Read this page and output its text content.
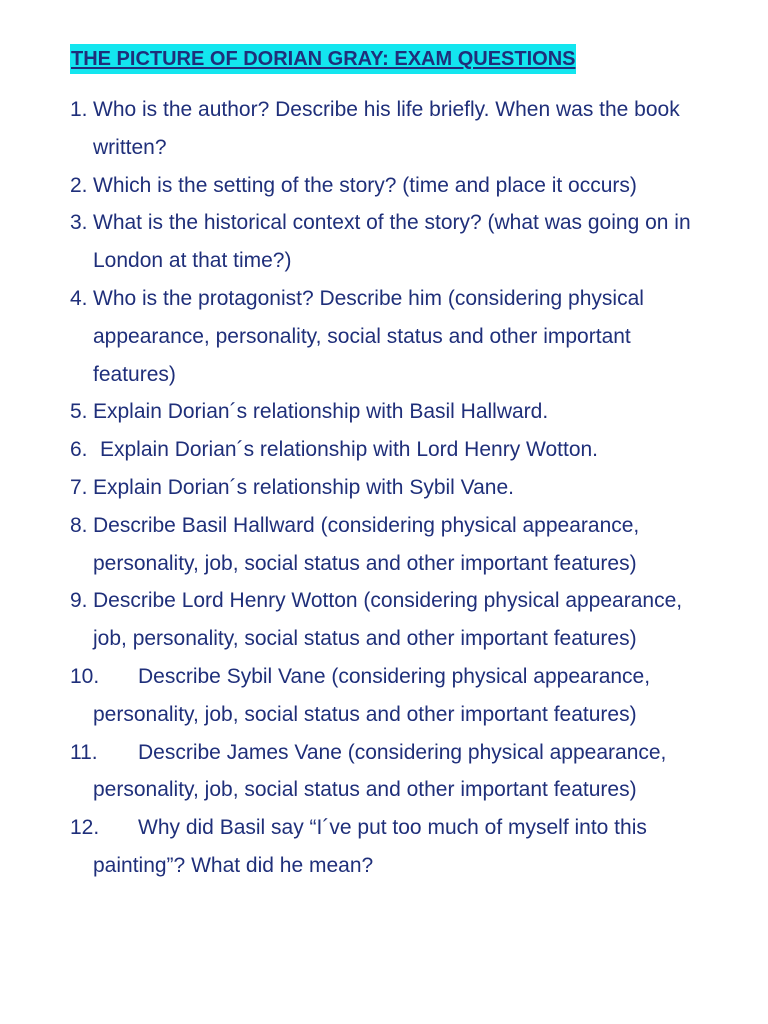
THE PICTURE OF DORIAN GRAY: EXAM QUESTIONS
1. Who is the author? Describe his life briefly. When was the book written?
2. Which is the setting of the story? (time and place it occurs)
3. What is the historical context of the story? (what was going on in London at that time?)
4. Who is the protagonist? Describe him (considering physical appearance, personality, social status and other important features)
5. Explain Dorian´s relationship with Basil Hallward.
6. Explain Dorian´s relationship with Lord Henry Wotton.
7. Explain Dorian´s relationship with Sybil Vane.
8. Describe Basil Hallward (considering physical appearance, personality, job, social status and other important features)
9. Describe Lord Henry Wotton (considering physical appearance, job, personality, social status and other important features)
10.	Describe Sybil Vane (considering physical appearance, personality, job, social status and other important features)
11.	Describe James Vane (considering physical appearance, personality, job, social status and other important features)
12.	Why did Basil say “I´ve put too much of myself into this painting”? What did he mean?
